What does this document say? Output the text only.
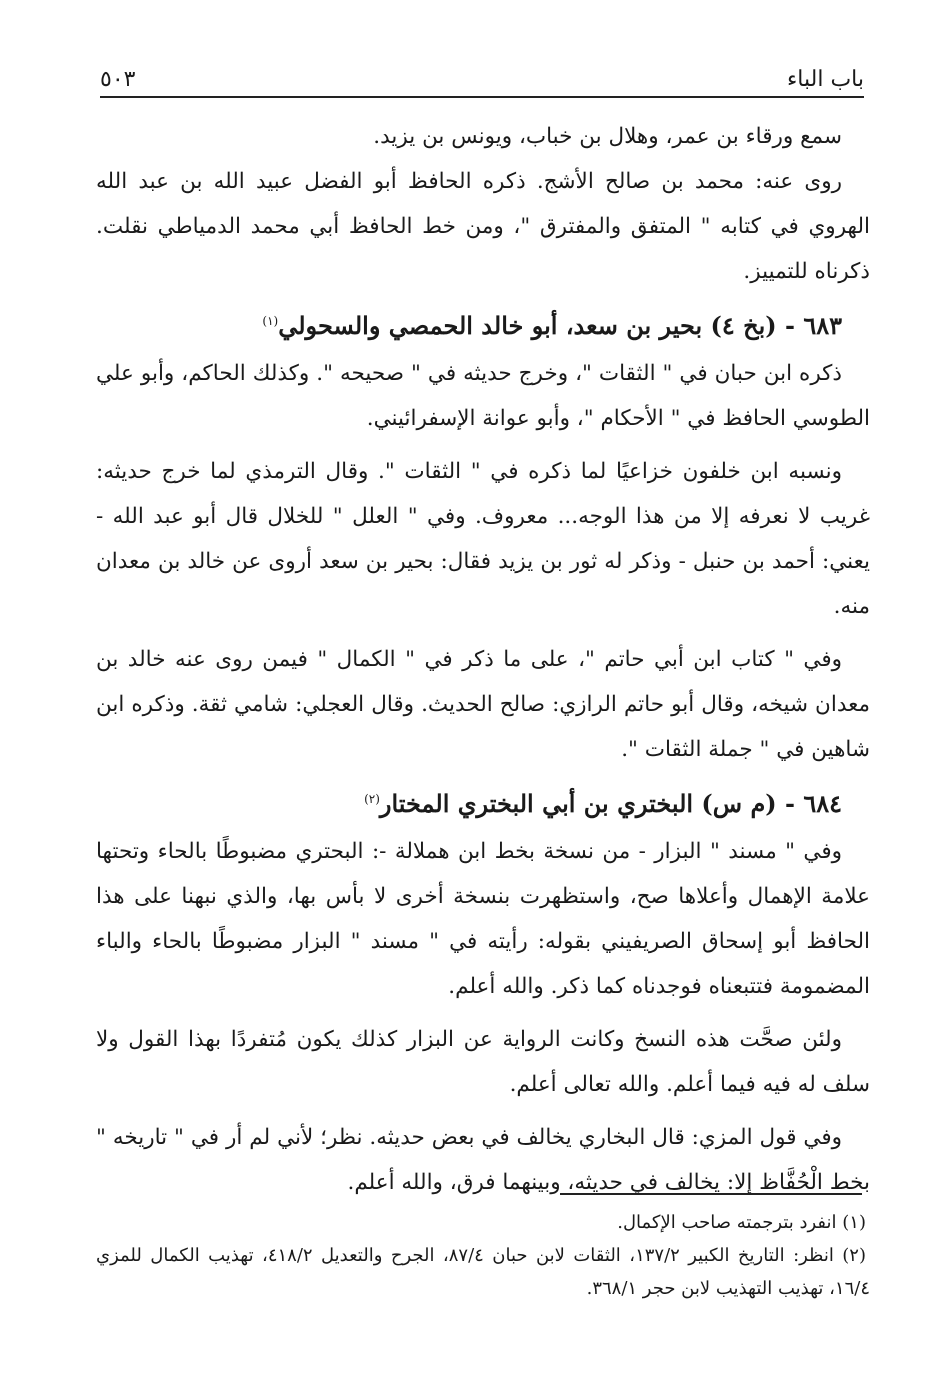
باب الباء
٥٠٣

سمع ورقاء بن عمر، وهلال بن خباب، ويونس بن يزيد.

روى عنه: محمد بن صالح الأشج. ذكره الحافظ أبو الفضل عبيد الله بن عبد الله الهروي في كتابه " المتفق والمفترق "، ومن خط الحافظ أبي محمد الدمياطي نقلت. ذكرناه للتمييز.

٦٨٣ - (بخ ٤) بحير بن سعد، أبو خالد الحمصي والسحولي$^{(١)}$

ذكره ابن حبان في " الثقات "، وخرج حديثه في " صحيحه ". وكذلك الحاكم، وأبو علي الطوسي الحافظ في " الأحكام "، وأبو عوانة الإسفرائيني.

ونسبه ابن خلفون خزاعيًا لما ذكره في " الثقات ". وقال الترمذي لما خرج حديثه: غريب لا نعرفه إلا من هذا الوجه... معروف. وفي " العلل " للخلال قال أبو عبد الله - يعني: أحمد بن حنبل - وذكر له ثور بن يزيد فقال: بحير بن سعد أروى عن خالد بن معدان منه.

وفي " كتاب ابن أبي حاتم "، على ما ذكر في " الكمال " فيمن روى عنه خالد بن معدان شيخه، وقال أبو حاتم الرازي: صالح الحديث. وقال العجلي: شامي ثقة. وذكره ابن شاهين في " جملة الثقات ".

٦٨٤ - (م س) البختري بن أبي البختري المختار$^{(٢)}$

وفي " مسند " البزار - من نسخة بخط ابن هملالة -: البحتري مضبوطًا بالحاء وتحتها علامة الإهمال وأعلاها صح، واستظهرت بنسخة أخرى لا بأس بها، والذي نبهنا على هذا الحافظ أبو إسحاق الصريفيني بقوله: رأيته في " مسند " البزار مضبوطًا بالحاء والباء المضمومة فتتبعناه فوجدناه كما ذكر. والله أعلم.

ولئن صحَّت هذه النسخ وكانت الرواية عن البزار كذلك يكون مُتفردًا بهذا القول ولا سلف له فيه فيما أعلم. والله تعالى أعلم.

وفي قول المزي: قال البخاري يخالف في بعض حديثه. نظر؛ لأني لم أر في " تاريخه " بخط الْحُفَّاظ إلا: يخالف في حديثه، وبينهما فرق، والله أعلم.

(١) انفرد بترجمته صاحب الإكمال.

(٢) انظر: التاريخ الكبير ١٣٧/٢، الثقات لابن حبان ٨٧/٤، الجرح والتعديل ٤١٨/٢، تهذيب الكمال للمزي ١٦/٤، تهذيب التهذيب لابن حجر ٣٦٨/١.
